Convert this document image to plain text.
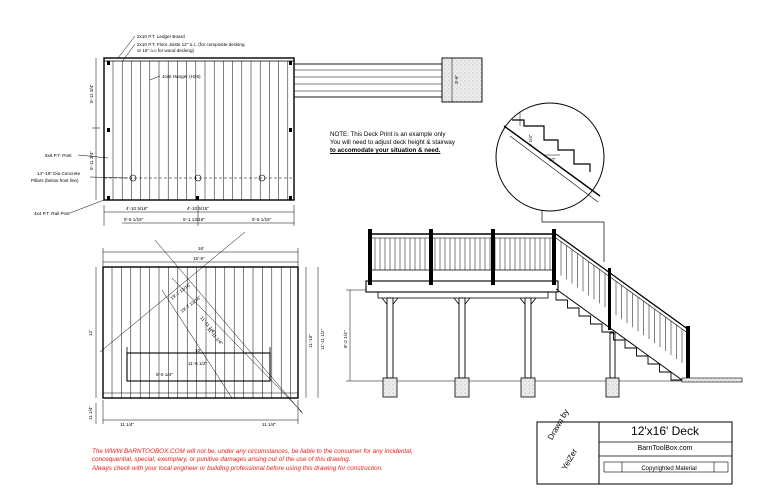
2x10 P.T. Ledger Board
2x10 P.T. Floor Joists 12" o.c. (for composite decking
or 16" o.c for wood decking)
Joist Hanger (H36)
6x6 P.T. Post
14"-16" Dia Concrete
Pillars (below frost line)
4x4 P.T. Rail Post
5'-11 3/4"
5'-11 3/4"
3'-6"
4'-10 5/16"	4'-10 5/16"
5'-5 1/16"	5'-1 13/16"	5'-5 1/16"
16'
15'-9"
19'-7 13/16"
19'-7 13/16"
11'-11 1/4"
11'-11 1/4"
12'
11'-10" 11'-11 1/2"
10'
11'-6 1/2"
5'-6 1/4"
11 1/4"	11 1/4"
11 1/4"
8'-2 1/4"
7 1/4"
10"
NOTE: This Deck Print is an example only
You will need to adjust deck height & stairway
to accomodate your situation & need.
The WWW.BARNTOOBOX.COM will not be, under any circumstances, be liable to the consumer for any incidental,
concequential, special, exemplary, or punitive damages arising out of the use of this drawing.
Always check with your local engineer or building professional before using this drawing for construction.
Drawn by
YeiZer
12'x16' Deck
BarnToolBox.com
Copyrighted Material
